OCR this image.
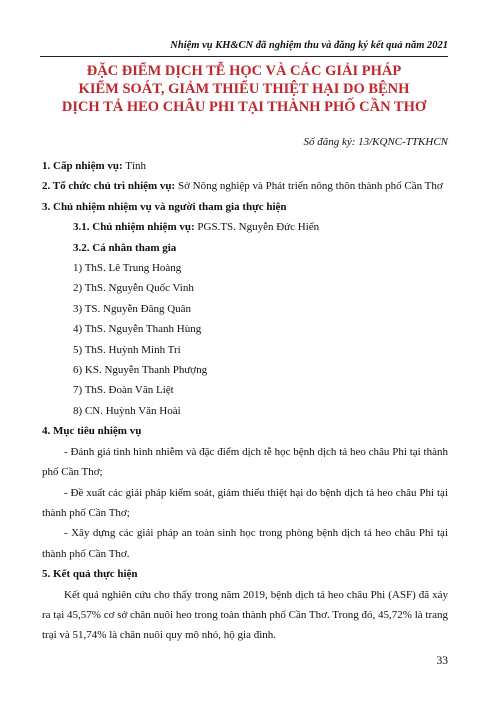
Nhiệm vụ KH&CN đã nghiệm thu và đăng ký kết quả năm 2021
ĐẶC ĐIỂM DỊCH TỄ HỌC VÀ CÁC GIẢI PHÁP
KIỂM SOÁT, GIẢM THIỂU THIỆT HẠI DO BỆNH
DỊCH TẢ HEO CHÂU PHI TẠI THÀNH PHỐ CẦN THƠ
Số đăng ký: 13/KQNC-TTKHCN

1. Cấp nhiệm vụ: Tỉnh

2. Tổ chức chủ trì nhiệm vụ: Sở Nông nghiệp và Phát triển nông thôn thành phố Cần Thơ

3. Chủ nhiệm nhiệm vụ và người tham gia thực hiện

3.1. Chủ nhiệm nhiệm vụ: PGS.TS. Nguyễn Đức Hiển

3.2. Cá nhân tham gia

1) ThS. Lê Trung Hoàng

2) ThS. Nguyễn Quốc Vinh

3) TS. Nguyễn Đăng Quân

4) ThS. Nguyễn Thanh Hùng

5) ThS. Huỳnh Minh Trí

6) KS. Nguyễn Thanh Phượng

7) ThS. Đoàn Văn Liệt

8) CN. Huỳnh Văn Hoài

4. Mục tiêu nhiệm vụ

- Đánh giá tình hình nhiễm và đặc điểm dịch tễ học bệnh dịch tả heo châu Phi tại thành phố Cần Thơ;

- Đề xuất các giải pháp kiểm soát, giảm thiểu thiệt hại do bệnh dịch tả heo châu Phi tại thành phố Cần Thơ;

- Xây dựng các giải pháp an toàn sinh học trong phòng bệnh dịch tả heo châu Phi tại thành phố Cần Thơ.

5. Kết quả thực hiện

Kết quả nghiên cứu cho thấy trong năm 2019, bệnh dịch tả heo châu Phi (ASF) đã xảy ra tại 45,57% cơ sở chăn nuôi heo trong toàn thành phố Cần Thơ. Trong đó, 45,72% là trang trại và 51,74% là chăn nuôi quy mô nhỏ, hộ gia đình.

33
